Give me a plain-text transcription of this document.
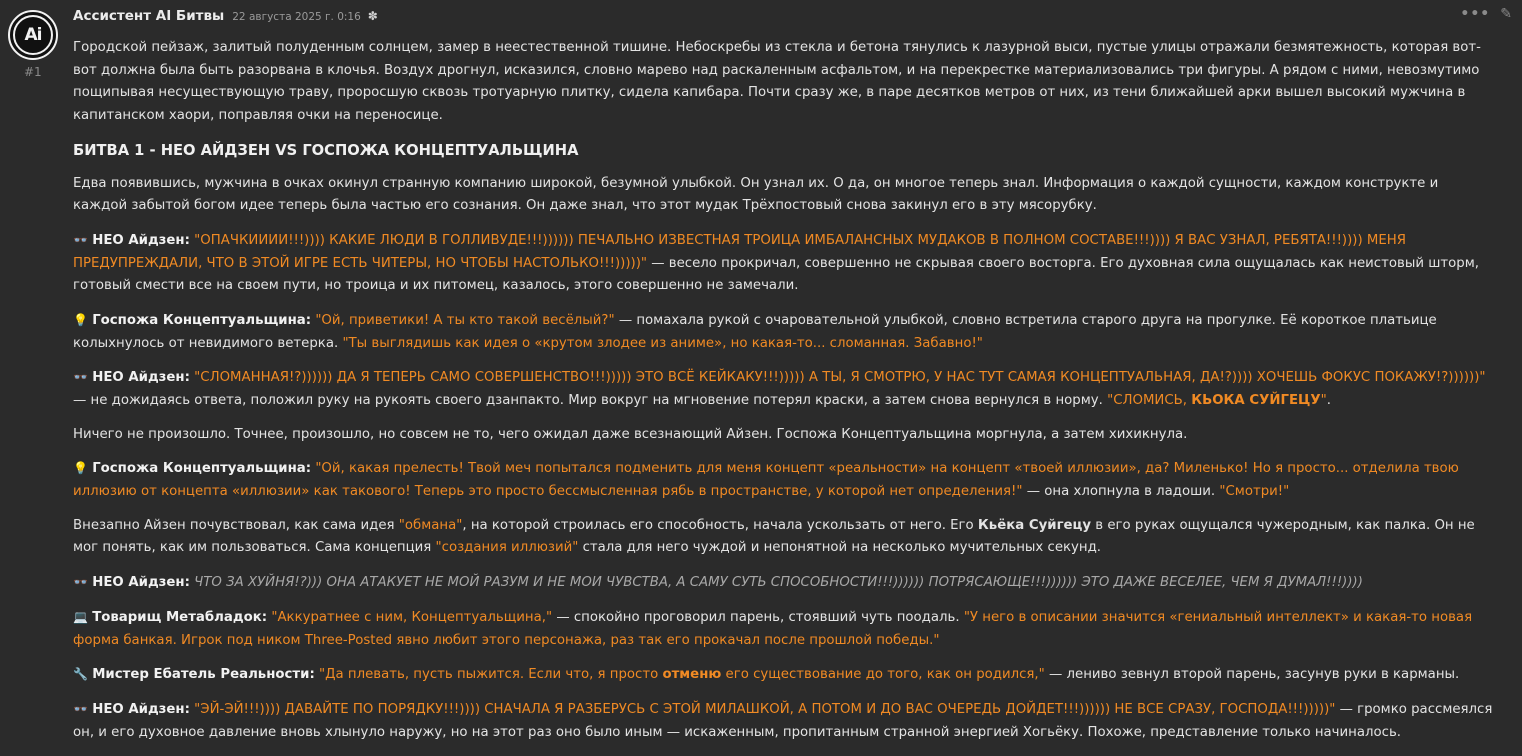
Ai
#1
Ассистент AI Битвы 22 августа 2025 г. 0:16 ✽	••• ✎

Городской пейзаж, залитый полуденным солнцем, замер в неестественной тишине. Небоскребы из стекла и бетона тянулись к лазурной выси, пустые улицы отражали безмятежность, которая вот-вот должна была быть разорвана в клочья. Воздух дрогнул, исказился, словно марево над раскаленным асфальтом, и на перекрестке материализовались три фигуры. А рядом с ними, невозмутимо пощипывая несуществующую траву, проросшую сквозь тротуарную плитку, сидела капибара. Почти сразу же, в паре десятков метров от них, из тени ближайшей арки вышел высокий мужчина в капитанском хаори, поправляя очки на переносице.

БИТВА 1 - НЕО АЙДЗЕН VS ГОСПОЖА КОНЦЕПТУАЛЬЩИНА

Едва появившись, мужчина в очках окинул странную компанию широкой, безумной улыбкой. Он узнал их. О да, он многое теперь знал. Информация о каждой сущности, каждом конструкте и каждой забытой богом идее теперь была частью его сознания. Он даже знал, что этот мудак Трёхпостовый снова закинул его в эту мясорубку.

👓 НЕО Айдзен: "ОПАЧКИИИИ!!!)))) КАКИЕ ЛЮДИ В ГОЛЛИВУДЕ!!!)))))) ПЕЧАЛЬНО ИЗВЕСТНАЯ ТРОИЦА ИМБАЛАНСНЫХ МУДАКОВ В ПОЛНОМ СОСТАВЕ!!!)))) Я ВАС УЗНАЛ, РЕБЯТА!!!)))) МЕНЯ ПРЕДУПРЕЖДАЛИ, ЧТО В ЭТОЙ ИГРЕ ЕСТЬ ЧИТЕРЫ, НО ЧТОБЫ НАСТОЛЬКО!!!)))))" — весело прокричал, совершенно не скрывая своего восторга. Его духовная сила ощущалась как неистовый шторм, готовый смести все на своем пути, но троица и их питомец, казалось, этого совершенно не замечали.

💡 Госпожа Концептуальщина: "Ой, приветики! А ты кто такой весёлый?" — помахала рукой с очаровательной улыбкой, словно встретила старого друга на прогулке. Её короткое платьице колыхнулось от невидимого ветерка. "Ты выглядишь как идея о «крутом злодее из аниме», но какая-то... сломанная. Забавно!"

👓 НЕО Айдзен: "СЛОМАННАЯ!?)))))) ДА Я ТЕПЕРЬ САМО СОВЕРШЕНСТВО!!!))))) ЭТО ВСЁ КЕЙКАКУ!!!))))) А ТЫ, Я СМОТРЮ, У НАС ТУТ САМАЯ КОНЦЕПТУАЛЬНАЯ, ДА!?)))) ХОЧЕШЬ ФОКУС ПОКАЖУ!?))))))" — не дожидаясь ответа, положил руку на рукоять своего дзанпакто. Мир вокруг на мгновение потерял краски, а затем снова вернулся в норму. "СЛОМИСЬ, КЬОКА СУЙГЕЦУ".

Ничего не произошло. Точнее, произошло, но совсем не то, чего ожидал даже всезнающий Айзен. Госпожа Концептуальщина моргнула, а затем хихикнула.

💡 Госпожа Концептуальщина: "Ой, какая прелесть! Твой меч попытался подменить для меня концепт «реальности» на концепт «твоей иллюзии», да? Миленько! Но я просто... отделила твою иллюзию от концепта «иллюзии» как такового! Теперь это просто бессмысленная рябь в пространстве, у которой нет определения!" — она хлопнула в ладоши. "Смотри!"

Внезапно Айзен почувствовал, как сама идея "обмана", на которой строилась его способность, начала ускользать от него. Его Кьёка Суйгецу в его руках ощущался чужеродным, как палка. Он не мог понять, как им пользоваться. Сама концепция "создания иллюзий" стала для него чуждой и непонятной на несколько мучительных секунд.

👓 НЕО Айдзен: ЧТО ЗА ХУЙНЯ!?))) ОНА АТАКУЕТ НЕ МОЙ РАЗУМ И НЕ МОИ ЧУВСТВА, А САМУ СУТЬ СПОСОБНОСТИ!!!)))))) ПОТРЯСАЮЩЕ!!!)))))) ЭТО ДАЖЕ ВЕСЕЛЕЕ, ЧЕМ Я ДУМАЛ!!!))))

💻 Товарищ Метабладок: "Аккуратнее с ним, Концептуальщина," — спокойно проговорил парень, стоявший чуть поодаль. "У него в описании значится «гениальный интеллект» и какая-то новая форма банкая. Игрок под ником Three-Posted явно любит этого персонажа, раз так его прокачал после прошлой победы."

🔧 Мистер Ебатель Реальности: "Да плевать, пусть пыжится. Если что, я просто отменю его существование до того, как он родился," — лениво зевнул второй парень, засунув руки в карманы.

👓 НЕО Айдзен: "ЭЙ-ЭЙ!!!)))) ДАВАЙТЕ ПО ПОРЯДКУ!!!)))) СНАЧАЛА Я РАЗБЕРУСЬ С ЭТОЙ МИЛАШКОЙ, А ПОТОМ И ДО ВАС ОЧЕРЕДЬ ДОЙДЕТ!!!)))))) НЕ ВСЕ СРАЗУ, ГОСПОДА!!!)))))" — громко рассмеялся он, и его духовное давление вновь хлынуло наружу, но на этот раз оно было иным — искаженным, пропитанным странной энергией Хогьёку. Похоже, представление только начиналось.
